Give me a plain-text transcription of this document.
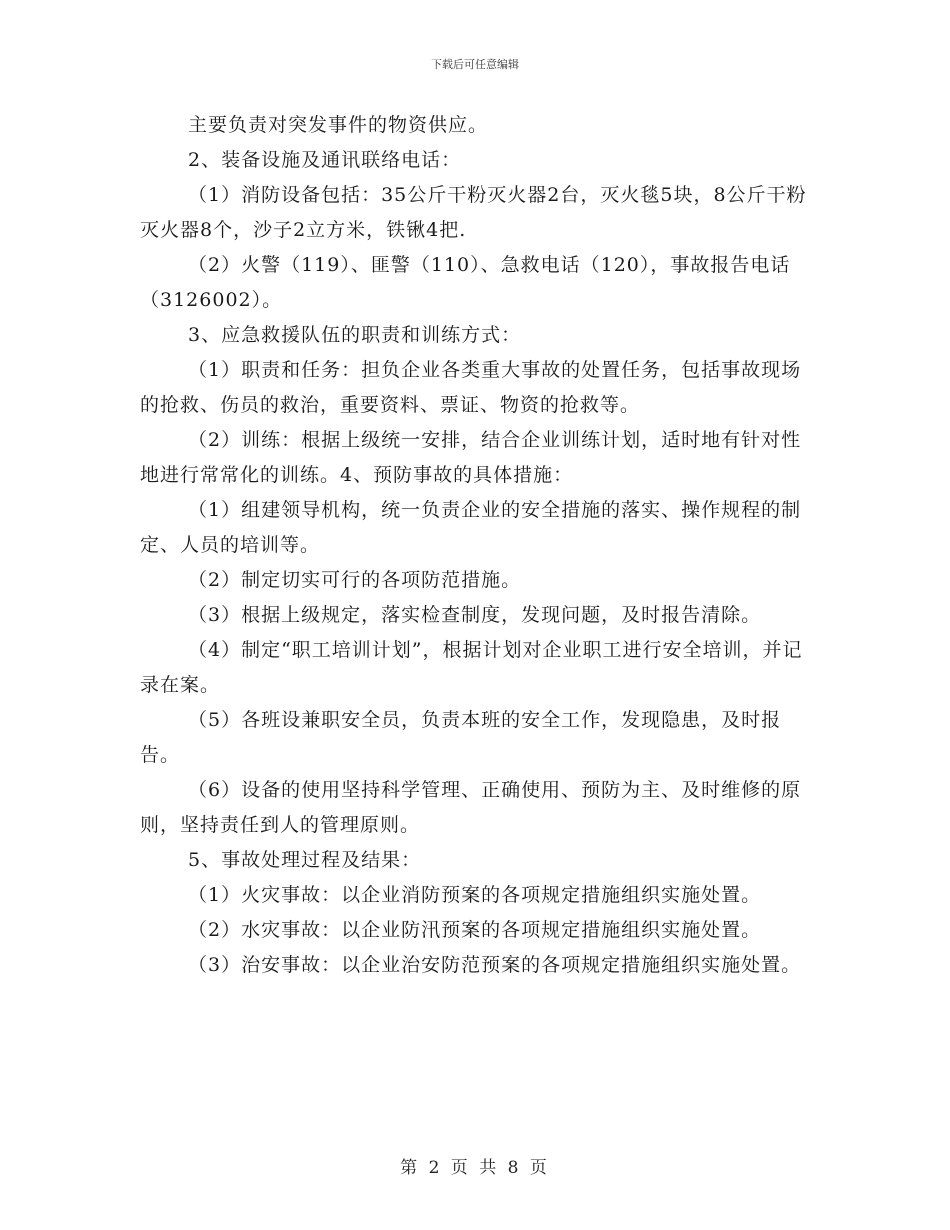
下载后可任意编辑

主要负责对突发事件的物资供应。

2、装备设施及通讯联络电话：

（1）消防设备包括：35公斤干粉灭火器2台，灭火毯5块，8公斤干粉灭火器8个，沙子2立方米，铁锹4把.

（2）火警（119）、匪警（110）、急救电话（120），事故报告电话（3126002）。

3、应急救援队伍的职责和训练方式：

（1）职责和任务：担负企业各类重大事故的处置任务，包括事故现场的抢救、伤员的救治，重要资料、票证、物资的抢救等。

（2）训练：根据上级统一安排，结合企业训练计划，适时地有针对性地进行常常化的训练。4、预防事故的具体措施：

（1）组建领导机构，统一负责企业的安全措施的落实、操作规程的制定、人员的培训等。

（2）制定切实可行的各项防范措施。

（3）根据上级规定，落实检查制度，发现问题，及时报告清除。

（4）制定“职工培训计划”，根据计划对企业职工进行安全培训，并记录在案。

（5）各班设兼职安全员，负责本班的安全工作，发现隐患，及时报告。

（6）设备的使用坚持科学管理、正确使用、预防为主、及时维修的原则，坚持责任到人的管理原则。

5、事故处理过程及结果：

（1）火灾事故：以企业消防预案的各项规定措施组织实施处置。

（2）水灾事故：以企业防汛预案的各项规定措施组织实施处置。

（3）治安事故：以企业治安防范预案的各项规定措施组织实施处置。

第 2 页 共 8 页
